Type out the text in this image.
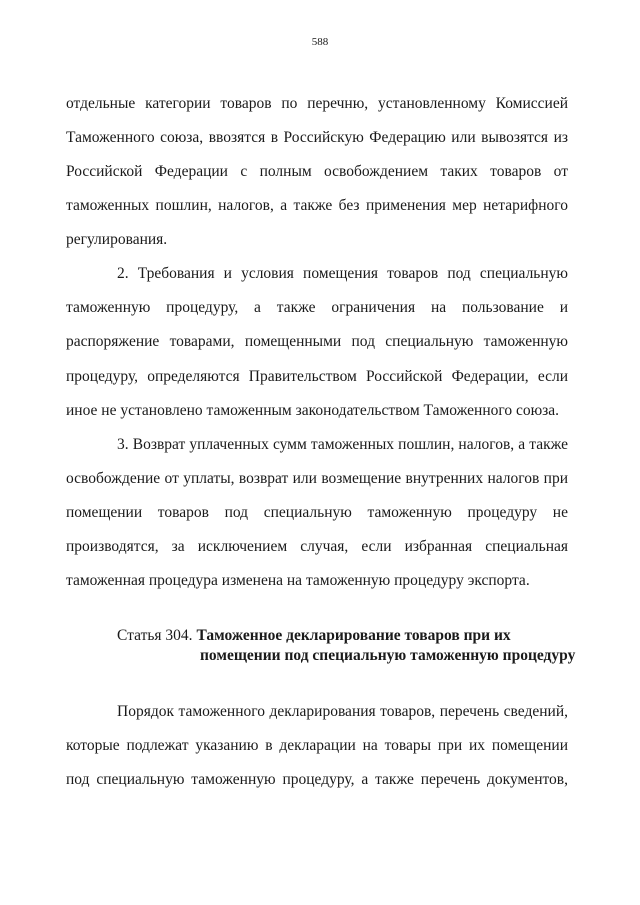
588
отдельные категории товаров по перечню, установленному Комиссией
Таможенного союза, ввозятся в Российскую Федерацию или вывозятся из
Российской Федерации с полным освобождением таких товаров от
таможенных пошлин, налогов, а также без применения мер нетарифного
регулирования.
2. Требования и условия помещения товаров под специальную
таможенную процедуру, а также ограничения на пользование и
распоряжение товарами, помещенными под специальную таможенную
процедуру, определяются Правительством Российской Федерации, если
иное не установлено таможенным законодательством Таможенного союза.
3. Возврат уплаченных сумм таможенных пошлин, налогов, а также
освобождение от уплаты, возврат или возмещение внутренних налогов при
помещении товаров под специальную таможенную процедуру не
производятся, за исключением случая, если избранная специальная
таможенная процедура изменена на таможенную процедуру экспорта.
Статья 304. Таможенное декларирование товаров при их
помещении под специальную таможенную процедуру
Порядок таможенного декларирования товаров, перечень сведений,
которые подлежат указанию в декларации на товары при их помещении
под специальную таможенную процедуру, а также перечень документов,
